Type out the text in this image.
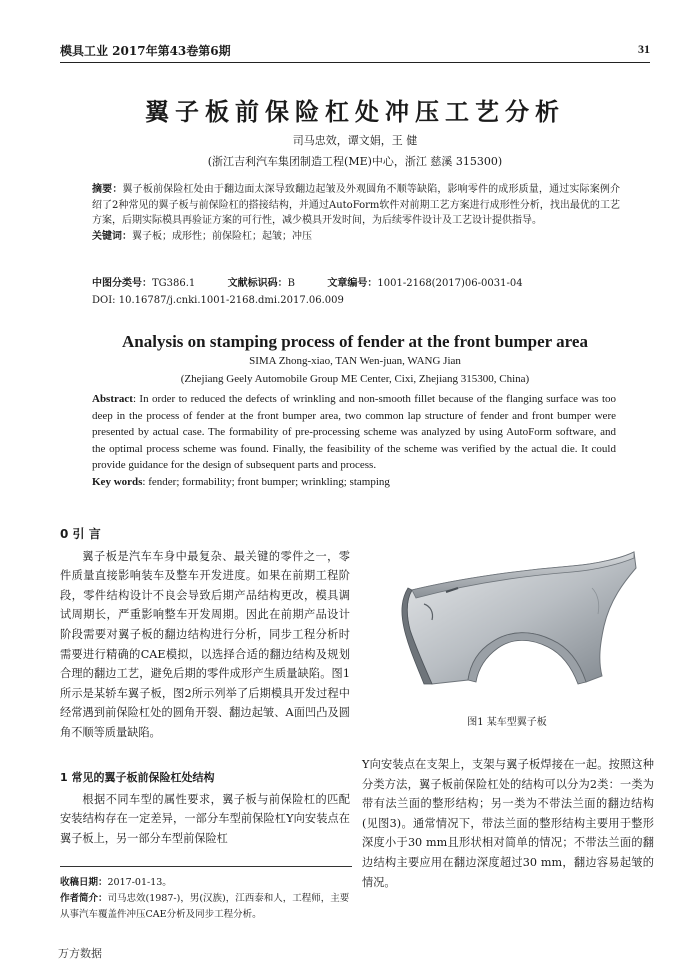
模具工业 2017年第43卷第6期	31
翼子板前保险杠处冲压工艺分析
司马忠效，谭文娟，王 健
(浙江吉利汽车集团制造工程(ME)中心，浙江 慈溪 315300)
摘要：翼子板前保险杠处由于翻边面太深导致翻边起皱及外观圆角不顺等缺陷，影响零件的成形质量，通过实际案例介绍了2种常见的翼子板与前保险杠的搭接结构，并通过AutoForm软件对前期工艺方案进行成形性分析，找出最优的工艺方案，后期实际模具再验证方案的可行性，减少模具开发时间，为后续零件设计及工艺设计提供指导。
关键词：翼子板；成形性；前保险杠；起皱；冲压
中图分类号：TG386.1	文献标识码：B	文章编号：1001-2168(2017)06-0031-04
DOI: 10.16787/j.cnki.1001-2168.dmi.2017.06.009
Analysis on stamping process of fender at the front bumper area
SIMA Zhong-xiao, TAN Wen-juan, WANG Jian
(Zhejiang Geely Automobile Group ME Center, Cixi, Zhejiang 315300, China)
Abstract: In order to reduced the defects of wrinkling and non-smooth fillet because of the flanging surface was too deep in the process of fender at the front bumper area, two common lap structure of fender and front bumper were presented by actual case. The formability of pre-processing scheme was analyzed by using AutoForm software, and the optimal process scheme was found. Finally, the feasibility of the scheme was verified by the actual die. It could provide guidance for the design of subsequent parts and process.
Key words: fender; formability; front bumper; wrinkling; stamping
0 引 言

翼子板是汽车车身中最复杂、最关键的零件之一，零件质量直接影响装车及整车开发进度。如果在前期工程阶段，零件结构设计不良会导致后期产品结构更改，模具调试周期长，严重影响整车开发周期。因此在前期产品设计阶段需要对翼子板的翻边结构进行分析，同步工程分析时需要进行精确的CAE模拟，以选择合适的翻边结构及规划合理的翻边工艺，避免后期的零件成形产生质量缺陷。图1所示是某轿车翼子板，图2所示列举了后期模具开发过程中经常遇到前保险杠处的圆角开裂、翻边起皱、A面凹凸及圆角不顺等质量缺陷。

1 常见的翼子板前保险杠处结构

根据不同车型的属性要求，翼子板与前保险杠的匹配安装结构存在一定差异，一部分车型前保险杠Y向安装点在翼子板上，另一部分车型前保险杠

图1 某车型翼子板

Y向安装点在支架上，支架与翼子板焊接在一起。按照这种分类方法，翼子板前保险杠处的结构可以分为2类：一类为带有法兰面的整形结构；另一类为不带法兰面的翻边结构(见图3)。通常情况下，带法兰面的整形结构主要用于整形深度小于30 mm且形状相对简单的情况；不带法兰面的翻边结构主要应用在翻边深度超过30 mm，翻边容易起皱的情况。

收稿日期：2017-01-13。
作者简介：司马忠效(1987-)，男(汉族)，江西泰和人，工程师，主要从事汽车覆盖件冲压CAE分析及同步工程分析。
万方数据
